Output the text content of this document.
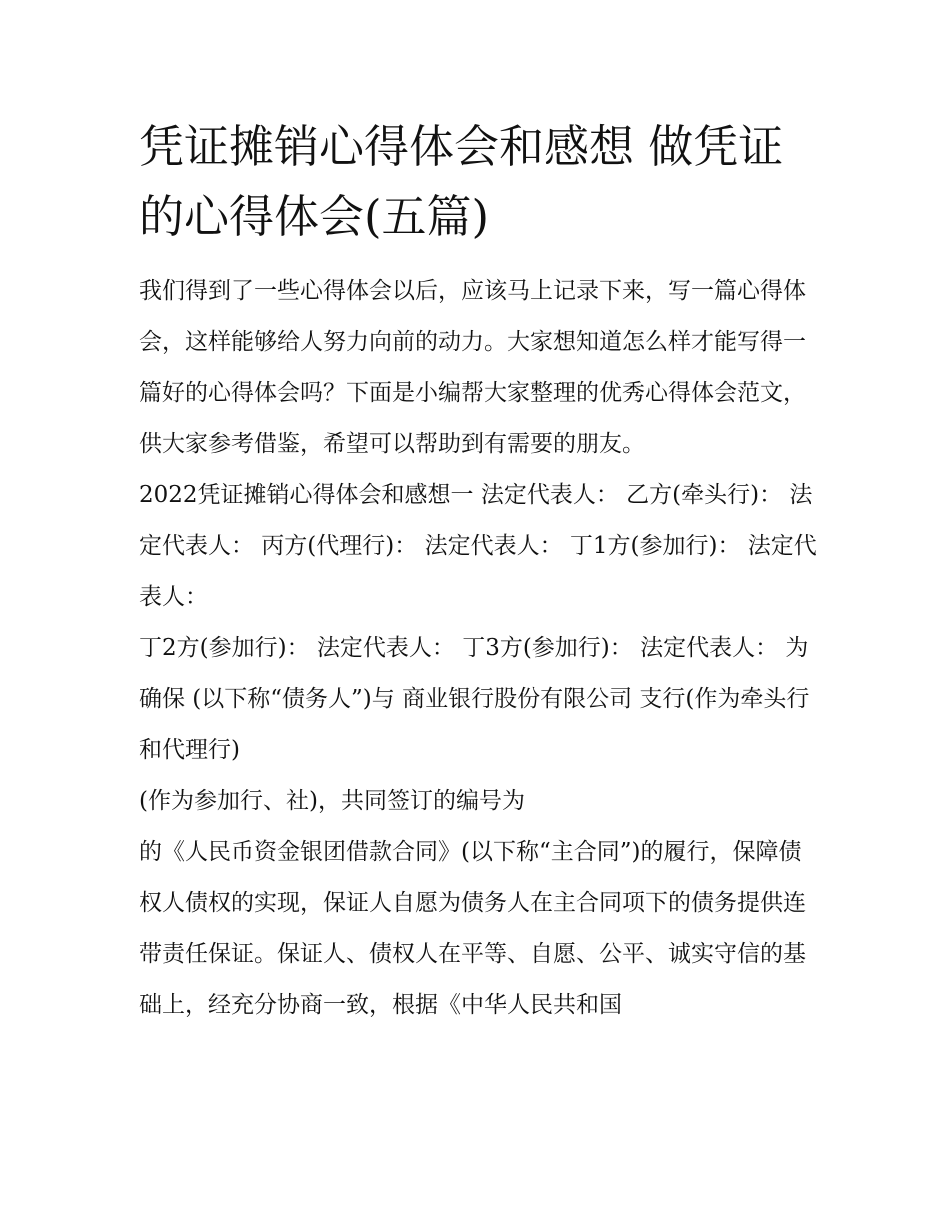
凭证摊销心得体会和感想 做凭证的心得体会(五篇)

我们得到了一些心得体会以后，应该马上记录下来，写一篇心得体会，这样能够给人努力向前的动力。大家想知道怎么样才能写得一篇好的心得体会吗？下面是小编帮大家整理的优秀心得体会范文，供大家参考借鉴，希望可以帮助到有需要的朋友。

2022凭证摊销心得体会和感想一 法定代表人： 乙方(牵头行)： 法定代表人： 丙方(代理行)： 法定代表人： 丁1方(参加行)： 法定代表人：

丁2方(参加行)： 法定代表人： 丁3方(参加行)： 法定代表人： 为确保 (以下称“债务人”)与 商业银行股份有限公司 支行(作为牵头行和代理行)

(作为参加行、社)，共同签订的编号为

的《人民币资金银团借款合同》(以下称“主合同”)的履行，保障债权人债权的实现，保证人自愿为债务人在主合同项下的债务提供连带责任保证。保证人、债权人在平等、自愿、公平、诚实守信的基础上，经充分协商一致，根据《中华人民共和国
